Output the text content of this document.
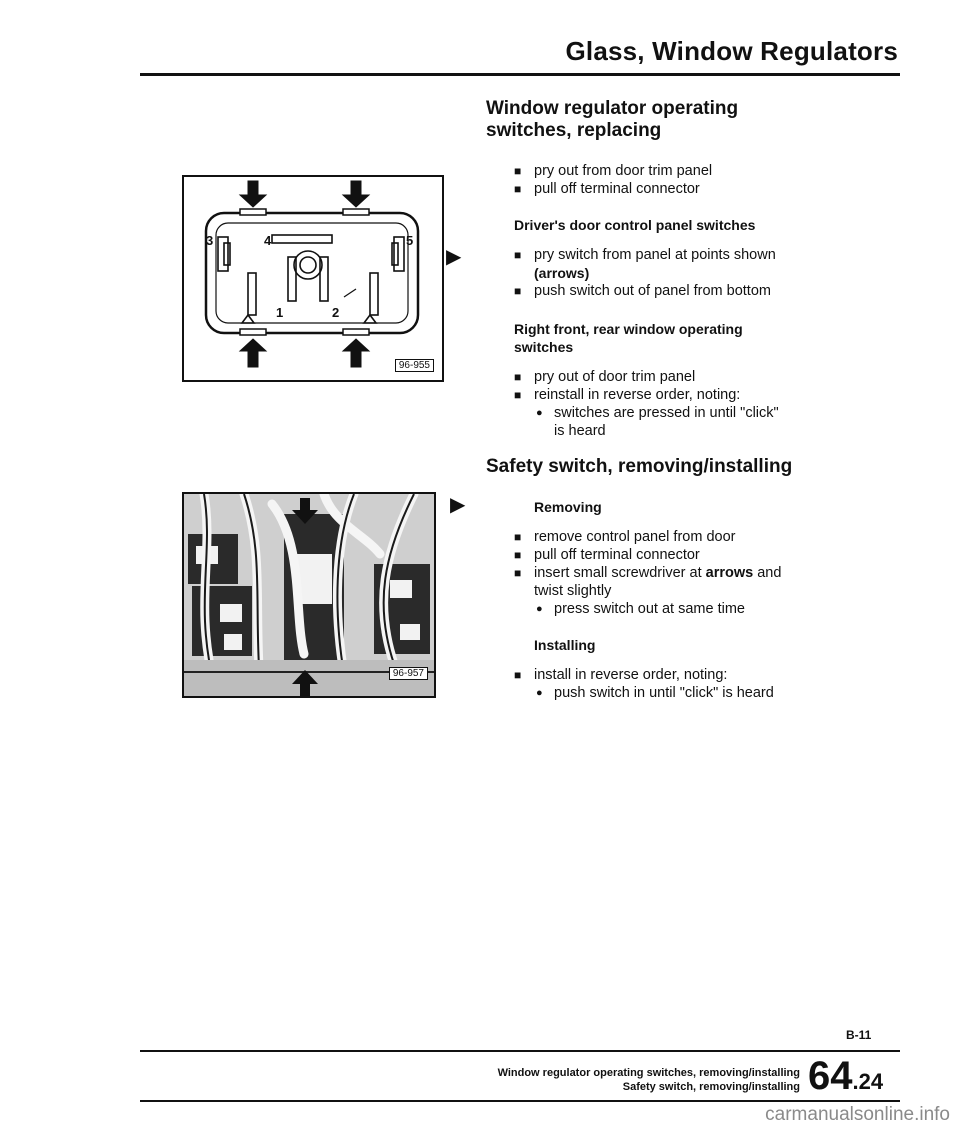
Glass, Window Regulators
3	4	5
1	2
96-955
96-957
▶
▶
Window regulator operating
switches, replacing
■ pry out from door trim panel
■ pull off terminal connector
Driver's door control panel switches
■ pry switch from panel at points shown
(arrows)
■ push switch out of panel from bottom
Right front, rear window operating
switches
■ pry out of door trim panel
■ reinstall in reverse order, noting:
● switches are pressed in until "click"
is heard
Safety switch, removing/installing
Removing
■ remove control panel from door
■ pull off terminal connector
■ insert small screwdriver at arrows and
twist slightly
● press switch out at same time
Installing
■ install in reverse order, noting:
● push switch in until "click" is heard
B-11
Window regulator operating switches, removing/installing
Safety switch, removing/installing 64.24
carmanualsonline.info
